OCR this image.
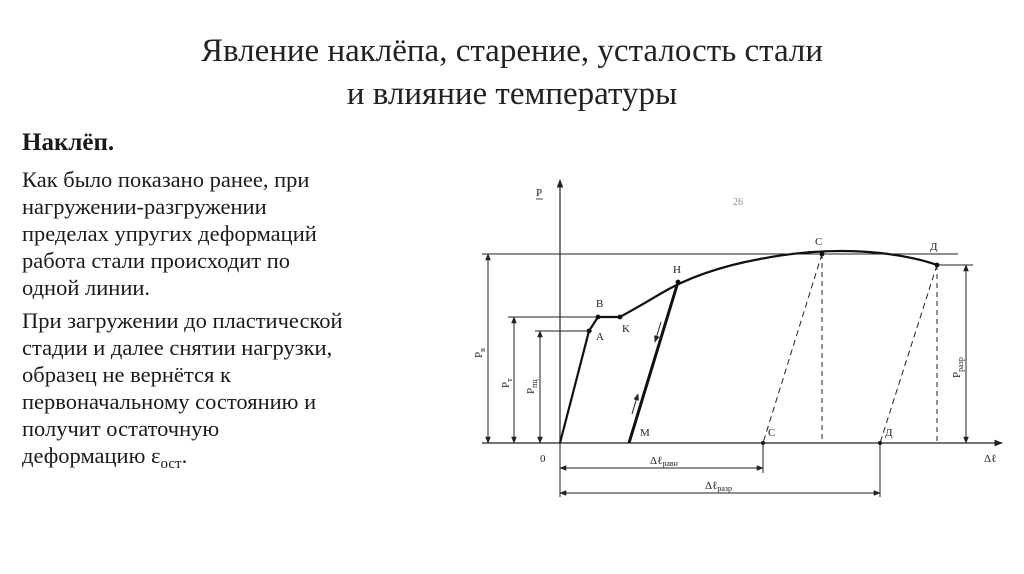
Явление наклёпа, старение, усталость стали
и влияние температуры
Наклёп.
Как было показано ранее, при
нагружении-разгружении
пределах упругих деформаций
работа стали происходит по
одной линии.
При загружении до пластической
стадии и далее снятии нагрузки,
образец не вернётся к
первоначальному состоянию и
получит остаточную
деформацию $\varepsilon_{ост}$.
P
Δℓ
0
26
A
B
K
H
C	Д
M	C	Д
$P_в$
$P_т$
$P_{пц}$
$P_{разр}$
Δℓравн
Δℓразр
